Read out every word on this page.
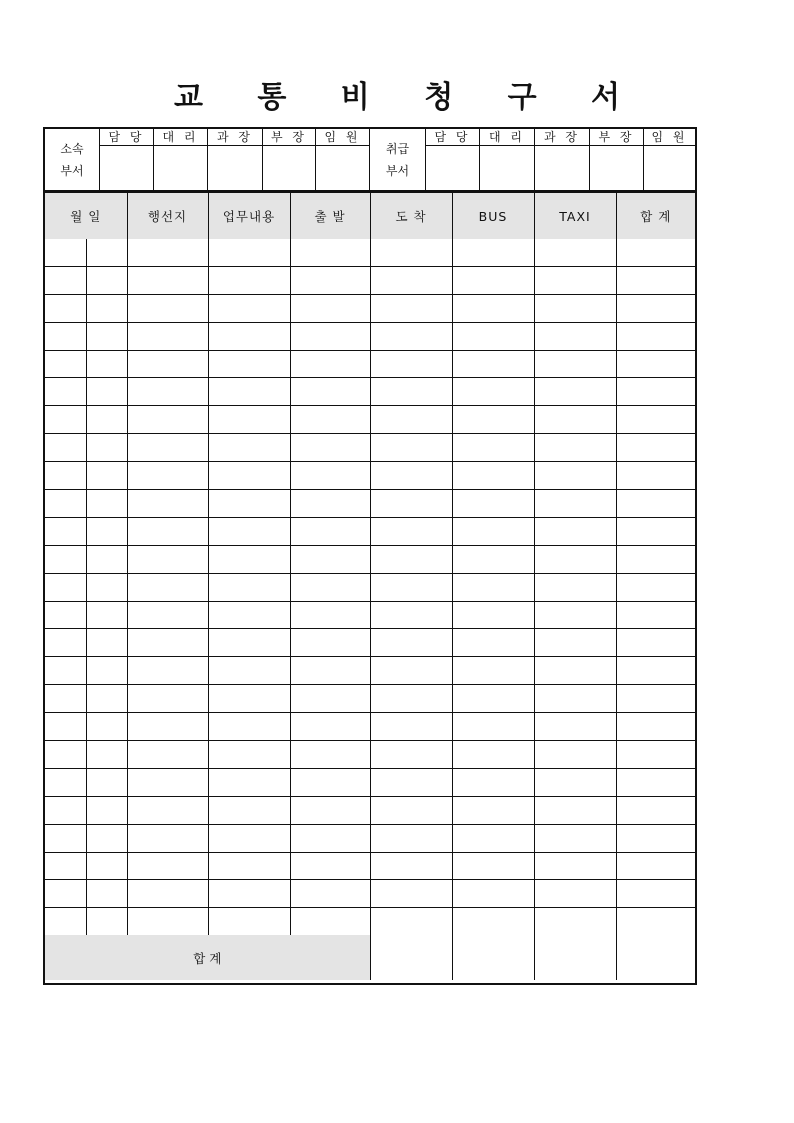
교 통 비 청 구 서
소속
부서
담 당	대 리	과 장	부 장	임 원
취급
부서
담 당	대 리	과 장	부 장	임 원
월 일		행선지	업무내용	출 발	도 착	BUS	TAXI	합 계

합 계								
